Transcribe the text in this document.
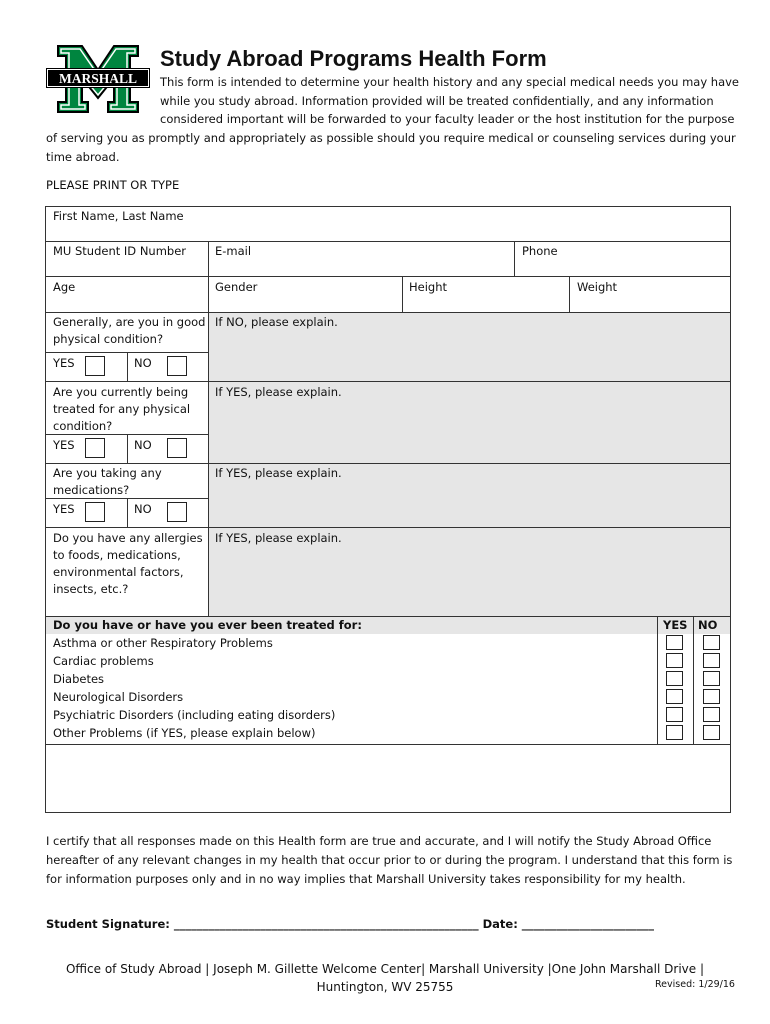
MARSHALL
Study Abroad Programs Health Form
This form is intended to determine your health history and any special medical needs you may have
while you study abroad. Information provided will be treated confidentially, and any information
considered important will be forwarded to your faculty leader or the host institution for the purpose
of serving you as promptly and appropriately as possible should you require medical or counseling services during your
time abroad.
PLEASE PRINT OR TYPE
First Name, Last Name
MU Student ID Number	E-mail	Phone
Age	Gender	Height	Weight
Generally, are you in good
physical condition?
YES	NO
If NO, please explain.
Are you currently being
treated for any physical
condition?
YES	NO
If YES, please explain.
Are you taking any
medications?
YES	NO
If YES, please explain.
Do you have any allergies
to foods, medications,
environmental factors,
insects, etc.?
If YES, please explain.
Do you have or have you ever been treated for:	YES NO
Asthma or other Respiratory Problems
Cardiac problems
Diabetes
Neurological Disorders
Psychiatric Disorders (including eating disorders)
Other Problems (if YES, please explain below)
I certify that all responses made on this Health form are true and accurate, and I will notify the Study Abroad Office
hereafter of any relevant changes in my health that occur prior to or during the program. I understand that this form is
for information purposes only and in no way implies that Marshall University takes responsibility for my health.
Student Signature: _____________________________________________________ Date: _______________________
Office of Study Abroad | Joseph M. Gillette Welcome Center| Marshall University |One John Marshall Drive |
Huntington, WV 25755	Revised: 1/29/16
